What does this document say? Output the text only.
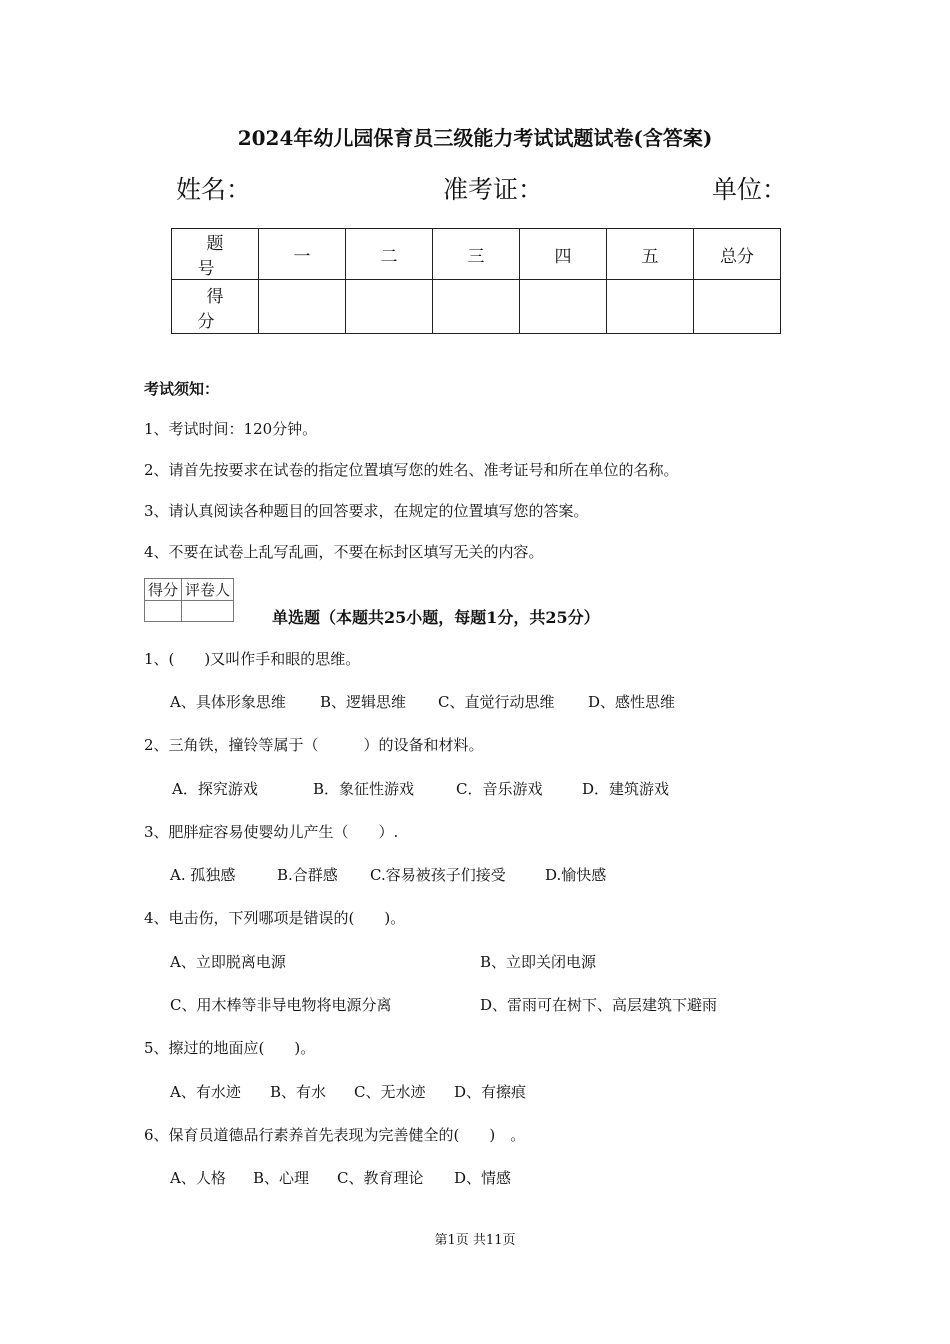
2024年幼儿园保育员三级能力考试试题试卷(含答案)
姓名：	准考证：	单位：
题 号	一	二	三	四	五	总分
得 分						
考试须知：
1、考试时间：120分钟。
2、请首先按要求在试卷的指定位置填写您的姓名、准考证号和所在单位的名称。
3、请认真阅读各种题目的回答要求，在规定的位置填写您的答案。
4、不要在试卷上乱写乱画，不要在标封区填写无关的内容。
得分	评卷人

单选题（本题共25小题，每题1分，共25分）
1、(　　)又叫作手和眼的思维。
A、具体形象思维 B、逻辑思维 C、直觉行动思维 D、感性思维
2、三角铁，撞铃等属于（　　　）的设备和材料。
A．探究游戏	B．象征性游戏	C．音乐游戏	D．建筑游戏
3、肥胖症容易使婴幼儿产生（　　）.
A. 孤独感	B.合群感 C.容易被孩子们接受	D.愉快感
4、电击伤，下列哪项是错误的(　　)。
A、立即脱离电源	B、立即关闭电源
C、用木棒等非导电物将电源分离	D、雷雨可在树下、高层建筑下避雨
5、擦过的地面应(　　)。
A、有水迹 B、有水 C、无水迹 D、有擦痕
6、保育员道德品行素养首先表现为完善健全的(　　)　。
A、人格 B、心理 C、教育理论 D、情感
第1页 共11页
